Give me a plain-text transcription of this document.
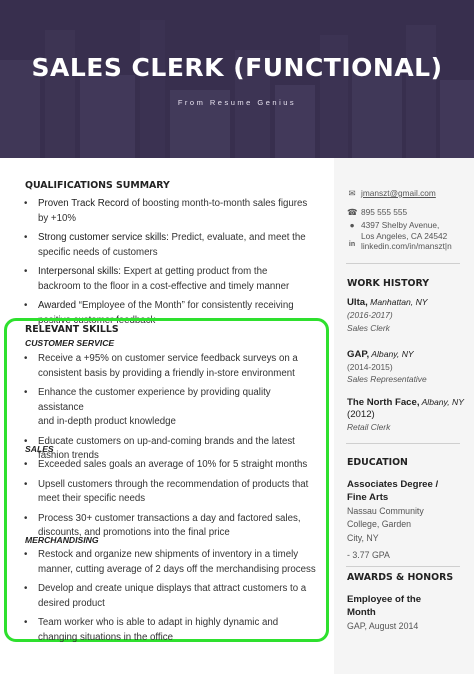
SALES CLERK (FUNCTIONAL)
From Resume Genius
QUALIFICATIONS SUMMARY
• Proven Track Record of boosting month-to-month sales figures
by +10%
• Strong customer service skills: Predict, evaluate, and meet the
specific needs of customers
• Interpersonal skills: Expert at getting product from the
backroom to the floor in a cost-effective and timely manner
• Awarded “Employee of the Month” for consistently receiving
positive customer feedback
RELEVANT SKILLS
CUSTOMER SERVICE
• Receive a +95% on customer service feedback surveys on a
consistent basis by providing a friendly in-store environment
• Enhance the customer experience by providing quality assistance
and in-depth product knowledge
• Educate customers on up-and-coming brands and the latest
fashion trends
SALES
• Exceeded sales goals an average of 10% for 5 straight months
• Upsell customers through the recommendation of products that
meet their specific needs
• Process 30+ customer transactions a day and factored sales,
discounts, and promotions into the final price
MERCHANDISING
• Restock and organize new shipments of inventory in a timely
manner, cutting average of 2 days off the merchandising process
• Develop and create unique displays that attract customers to a
desired product
• Team worker who is able to adapt in highly dynamic and
changing situations in the office
✉ jmanszt@gmail.com
☎ 895 555 555
● 4397 Shelby Avenue,
Los Angeles, CA 24542
in linkedin.com/in/manszt|n
WORK HISTORY
Ulta, Manhattan, NY
(2016-2017)
Sales Clerk
GAP, Albany, NY
(2014-2015)
Sales Representative
The North Face, Albany, NY
(2012)
Retail Clerk
EDUCATION
Associates Degree /
Fine Arts
Nassau Community
College, Garden
City, NY
- 3.77 GPA
AWARDS & HONORS
Employee of the
Month
GAP, August 2014
